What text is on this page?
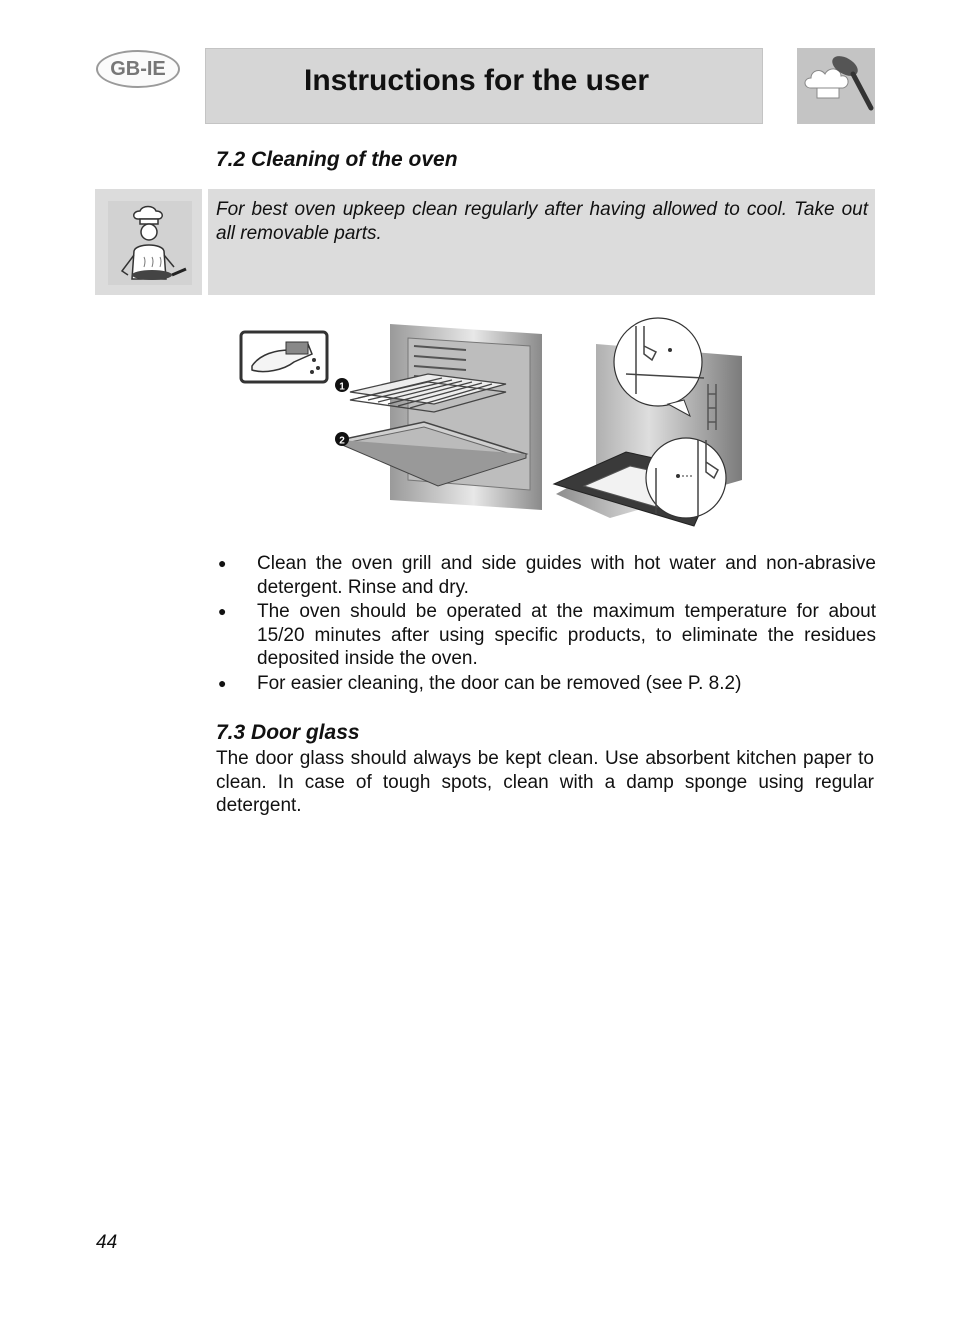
GB-IE	Instructions for the user
7.2 Cleaning of the oven
For best oven upkeep clean regularly after having allowed to cool. Take out all removable parts.
1
2
● Clean the oven grill and side guides with hot water and non-abrasive detergent. Rinse and dry.
● The oven should be operated at the maximum temperature for about 15/20 minutes after using specific products, to eliminate the residues deposited inside the oven.
● For easier cleaning, the door can be removed (see P. 8.2)
7.3 Door glass
The door glass should always be kept clean. Use absorbent kitchen paper to clean. In case of tough spots, clean with a damp sponge using regular detergent.
44
